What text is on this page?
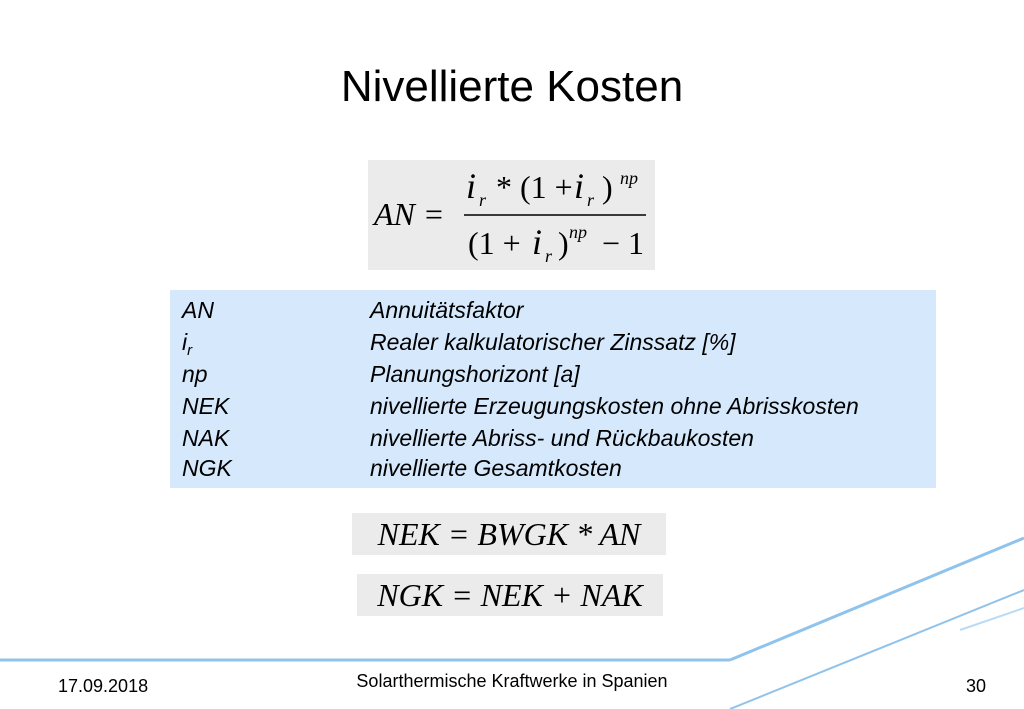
Nivellierte Kosten
AN =
i r * (1 + i r ) np
(1 + i r ) np − 1
AN	Annuitätsfaktor
$i_r$	Realer kalkulatorischer Zinssatz [%]
np	Planungshorizont [a]
NEK	nivellierte Erzeugungskosten ohne Abrisskosten
NAK	nivellierte Abriss- und Rückbaukosten
NGK	nivellierte Gesamtkosten
NEK = BWGK * AN
NGK = NEK + NAK
17.09.2018	Solarthermische Kraftwerke in Spanien	30
